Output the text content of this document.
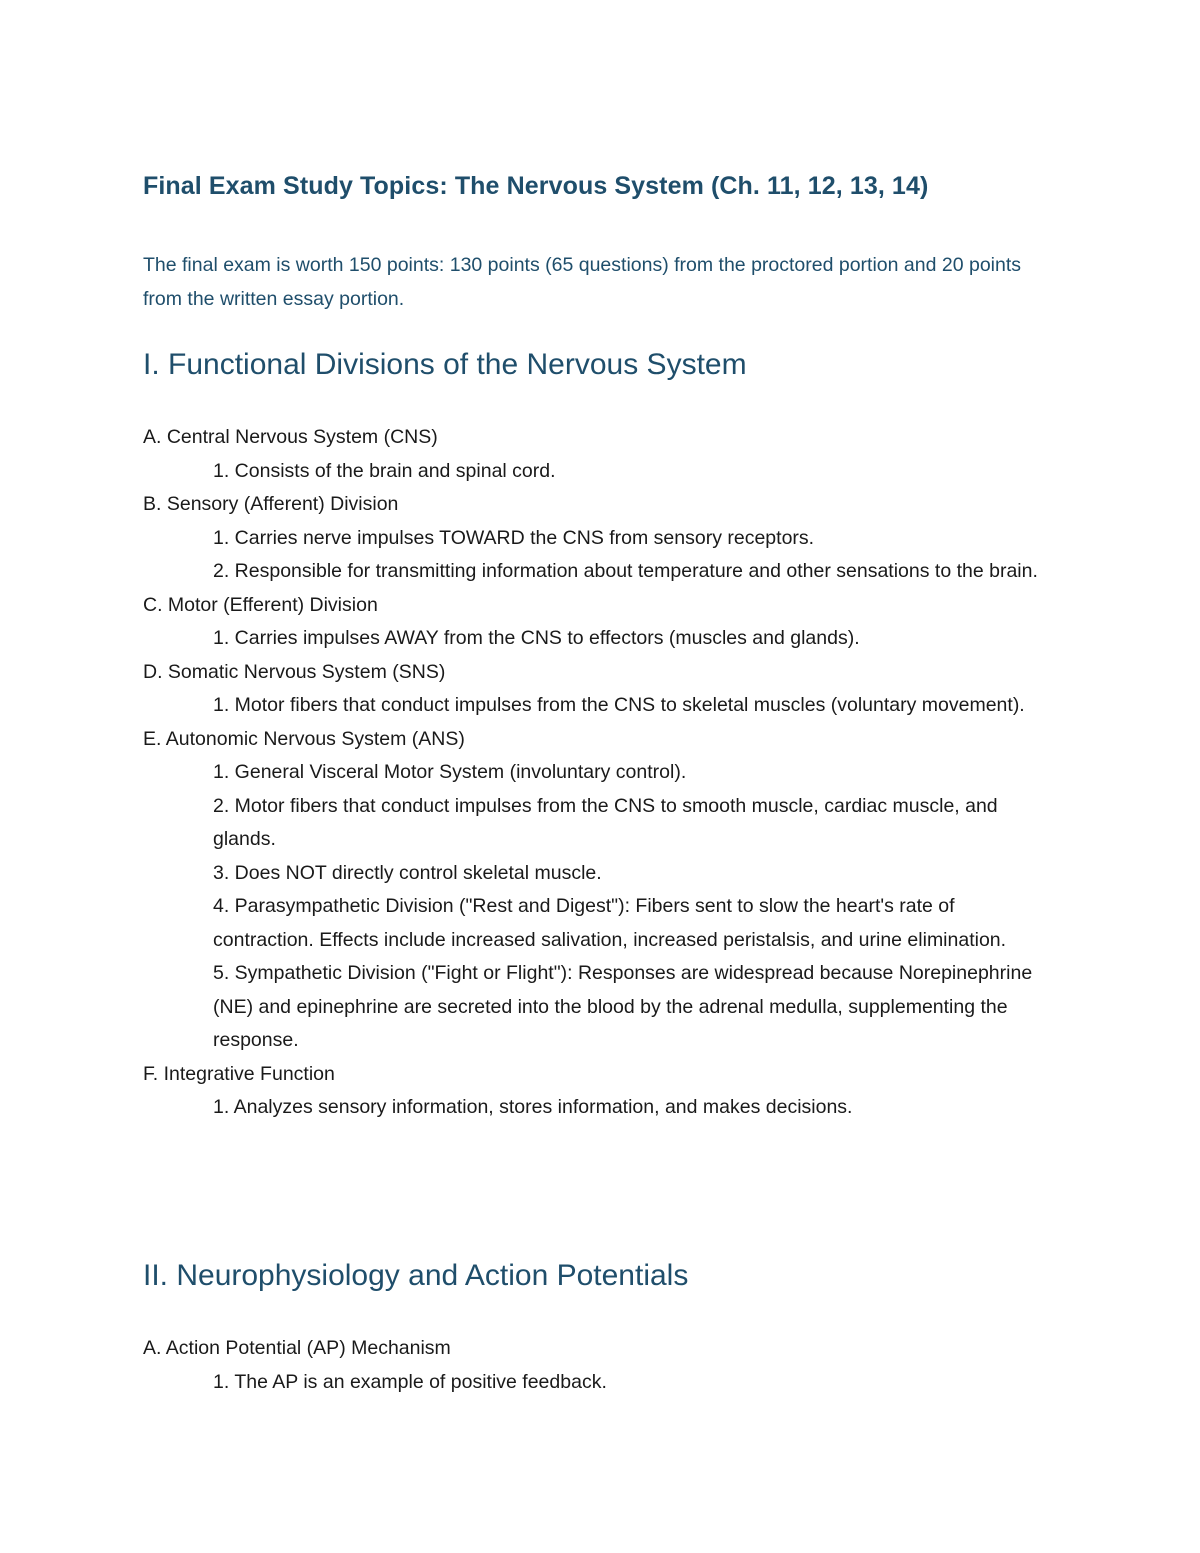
Final Exam Study Topics: The Nervous System (Ch. 11, 12, 13, 14)

The final exam is worth 150 points: 130 points (65 questions) from the proctored portion and 20 points from the written essay portion.

I. Functional Divisions of the Nervous System

A. Central Nervous System (CNS)

1. Consists of the brain and spinal cord.

B. Sensory (Afferent) Division

1. Carries nerve impulses TOWARD the CNS from sensory receptors.

2. Responsible for transmitting information about temperature and other sensations to the brain.

C. Motor (Efferent) Division

1. Carries impulses AWAY from the CNS to effectors (muscles and glands).

D. Somatic Nervous System (SNS)

1. Motor fibers that conduct impulses from the CNS to skeletal muscles (voluntary movement).

E. Autonomic Nervous System (ANS)

1. General Visceral Motor System (involuntary control).

2. Motor fibers that conduct impulses from the CNS to smooth muscle, cardiac muscle, and glands.

3. Does NOT directly control skeletal muscle.

4. Parasympathetic Division ("Rest and Digest"): Fibers sent to slow the heart's rate of contraction. Effects include increased salivation, increased peristalsis, and urine elimination.

5. Sympathetic Division ("Fight or Flight"): Responses are widespread because Norepinephrine (NE) and epinephrine are secreted into the blood by the adrenal medulla, supplementing the response.

F. Integrative Function

1. Analyzes sensory information, stores information, and makes decisions.

II. Neurophysiology and Action Potentials

A. Action Potential (AP) Mechanism

1. The AP is an example of positive feedback.
